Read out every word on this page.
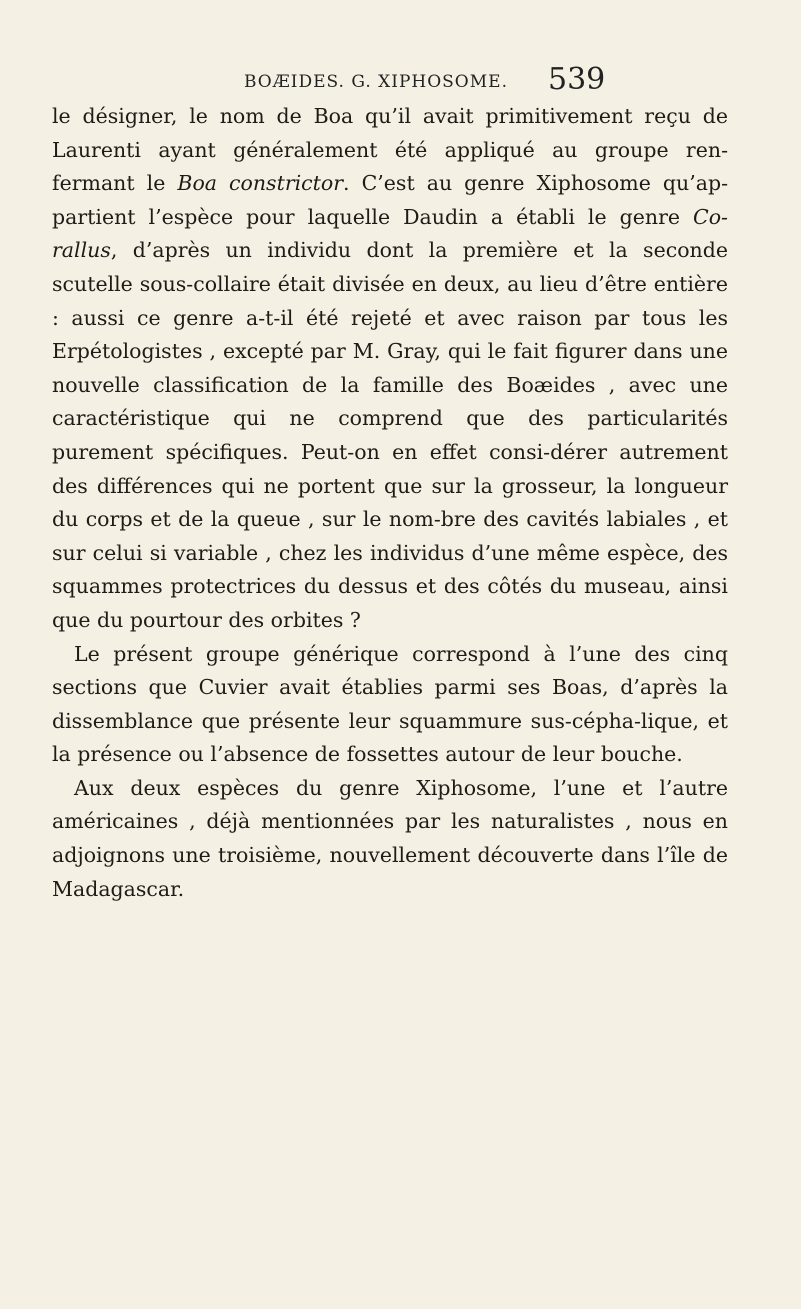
BOÆIDES. G. XIPHOSOME. 539

le désigner, le nom de Boa qu’il avait primitivement reçu de Laurenti ayant généralement été appliqué au groupe ren-fermant le Boa constrictor. C’est au genre Xiphosome qu’ap-partient l’espèce pour laquelle Daudin a établi le genre Co-rallus, d’après un individu dont la première et la seconde scutelle sous-collaire était divisée en deux, au lieu d’être entière : aussi ce genre a-t-il été rejeté et avec raison par tous les Erpétologistes , excepté par M. Gray, qui le fait figurer dans une nouvelle classification de la famille des Boæides , avec une caractéristique qui ne comprend que des particularités purement spécifiques. Peut-on en effet consi-dérer autrement des différences qui ne portent que sur la grosseur, la longueur du corps et de la queue , sur le nom-bre des cavités labiales , et sur celui si variable , chez les individus d’une même espèce, des squammes protectrices du dessus et des côtés du museau, ainsi que du pourtour des orbites ?

Le présent groupe générique correspond à l’une des cinq sections que Cuvier avait établies parmi ses Boas, d’après la dissemblance que présente leur squammure sus-cépha-lique, et la présence ou l’absence de fossettes autour de leur bouche.

Aux deux espèces du genre Xiphosome, l’une et l’autre américaines , déjà mentionnées par les naturalistes , nous en adjoignons une troisième, nouvellement découverte dans l’île de Madagascar.
